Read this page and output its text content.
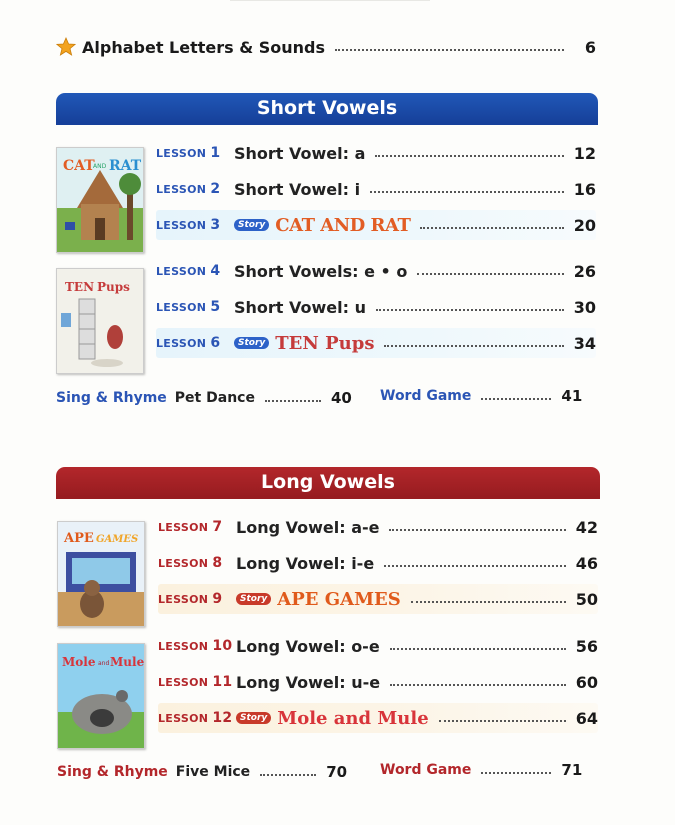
Alphabet Letters & Sounds	6
Short Vowels
CAT
AND RAT
LESSON 1 Short Vowel: a	12
LESSON 2 Short Vowel: i	16
LESSON 3	Story CAT AND RAT	20
TEN Pups
LESSON 4 Short Vowels: e • o	26
LESSON 5 Short Vowel: u	30
LESSON 6	Story TEN Pups	34
Sing & Rhyme Pet Dance	40 Word Game	41
Long Vowels
APE GAMES
LESSON 7 Long Vowel: a-e	42
LESSON 8 Long Vowel: i-e	46
LESSON 9	Story APE GAMES	50
Mole and Mule
LESSON 10 Long Vowel: o-e	56
LESSON 11 Long Vowel: u-e	60
LESSON 12 Story Mole and Mule	64
Sing & Rhyme Five Mice	70 Word Game	71
